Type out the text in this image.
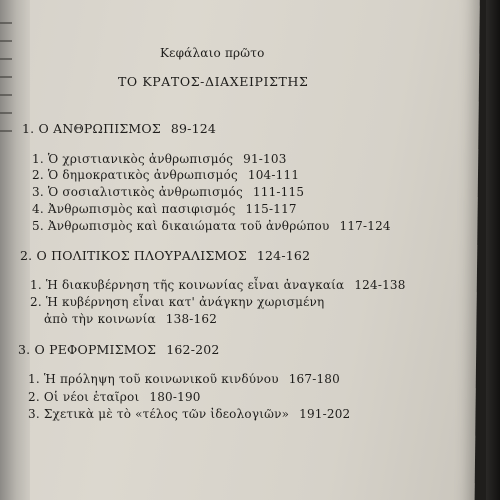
Κεφάλαιο πρῶτο
ΤΟ ΚΡΑΤΟΣ-ΔΙΑΧΕΙΡΙΣΤΗΣ
1. Ο ΑΝΘΡΩΠΙΣΜΟΣ 89-124
1. Ὁ χριστιανικὸς ἀνθρωπισμός 91-103
2. Ὁ δημοκρατικὸς ἀνθρωπισμός 104-111
3. Ὁ σοσιαλιστικὸς ἀνθρωπισμός 111-115
4. Ἀνθρωπισμὸς καὶ πασιφισμός 115-117
5. Ἀνθρωπισμὸς καὶ δικαιώματα τοῦ ἀνθρώπου 117-124
2. Ο ΠΟΛΙΤΙΚΟΣ ΠΛΟΥΡΑΛΙΣΜΟΣ 124-162
1. Ἡ διακυβέρνηση τῆς κοινωνίας εἶναι ἀναγκαία 124-138
2. Ἡ κυβέρνηση εἶναι κατ' ἀνάγκην χωρισμένη
ἀπὸ τὴν κοινωνία 138-162
3. Ο ΡΕΦΟΡΜΙΣΜΟΣ 162-202
1. Ἡ πρόληψη τοῦ κοινωνικοῦ κινδύνου 167-180
2. Οἱ νέοι ἑταῖροι 180-190
3. Σχετικὰ μὲ τὸ «τέλος τῶν ἰδεολογιῶν» 191-202
